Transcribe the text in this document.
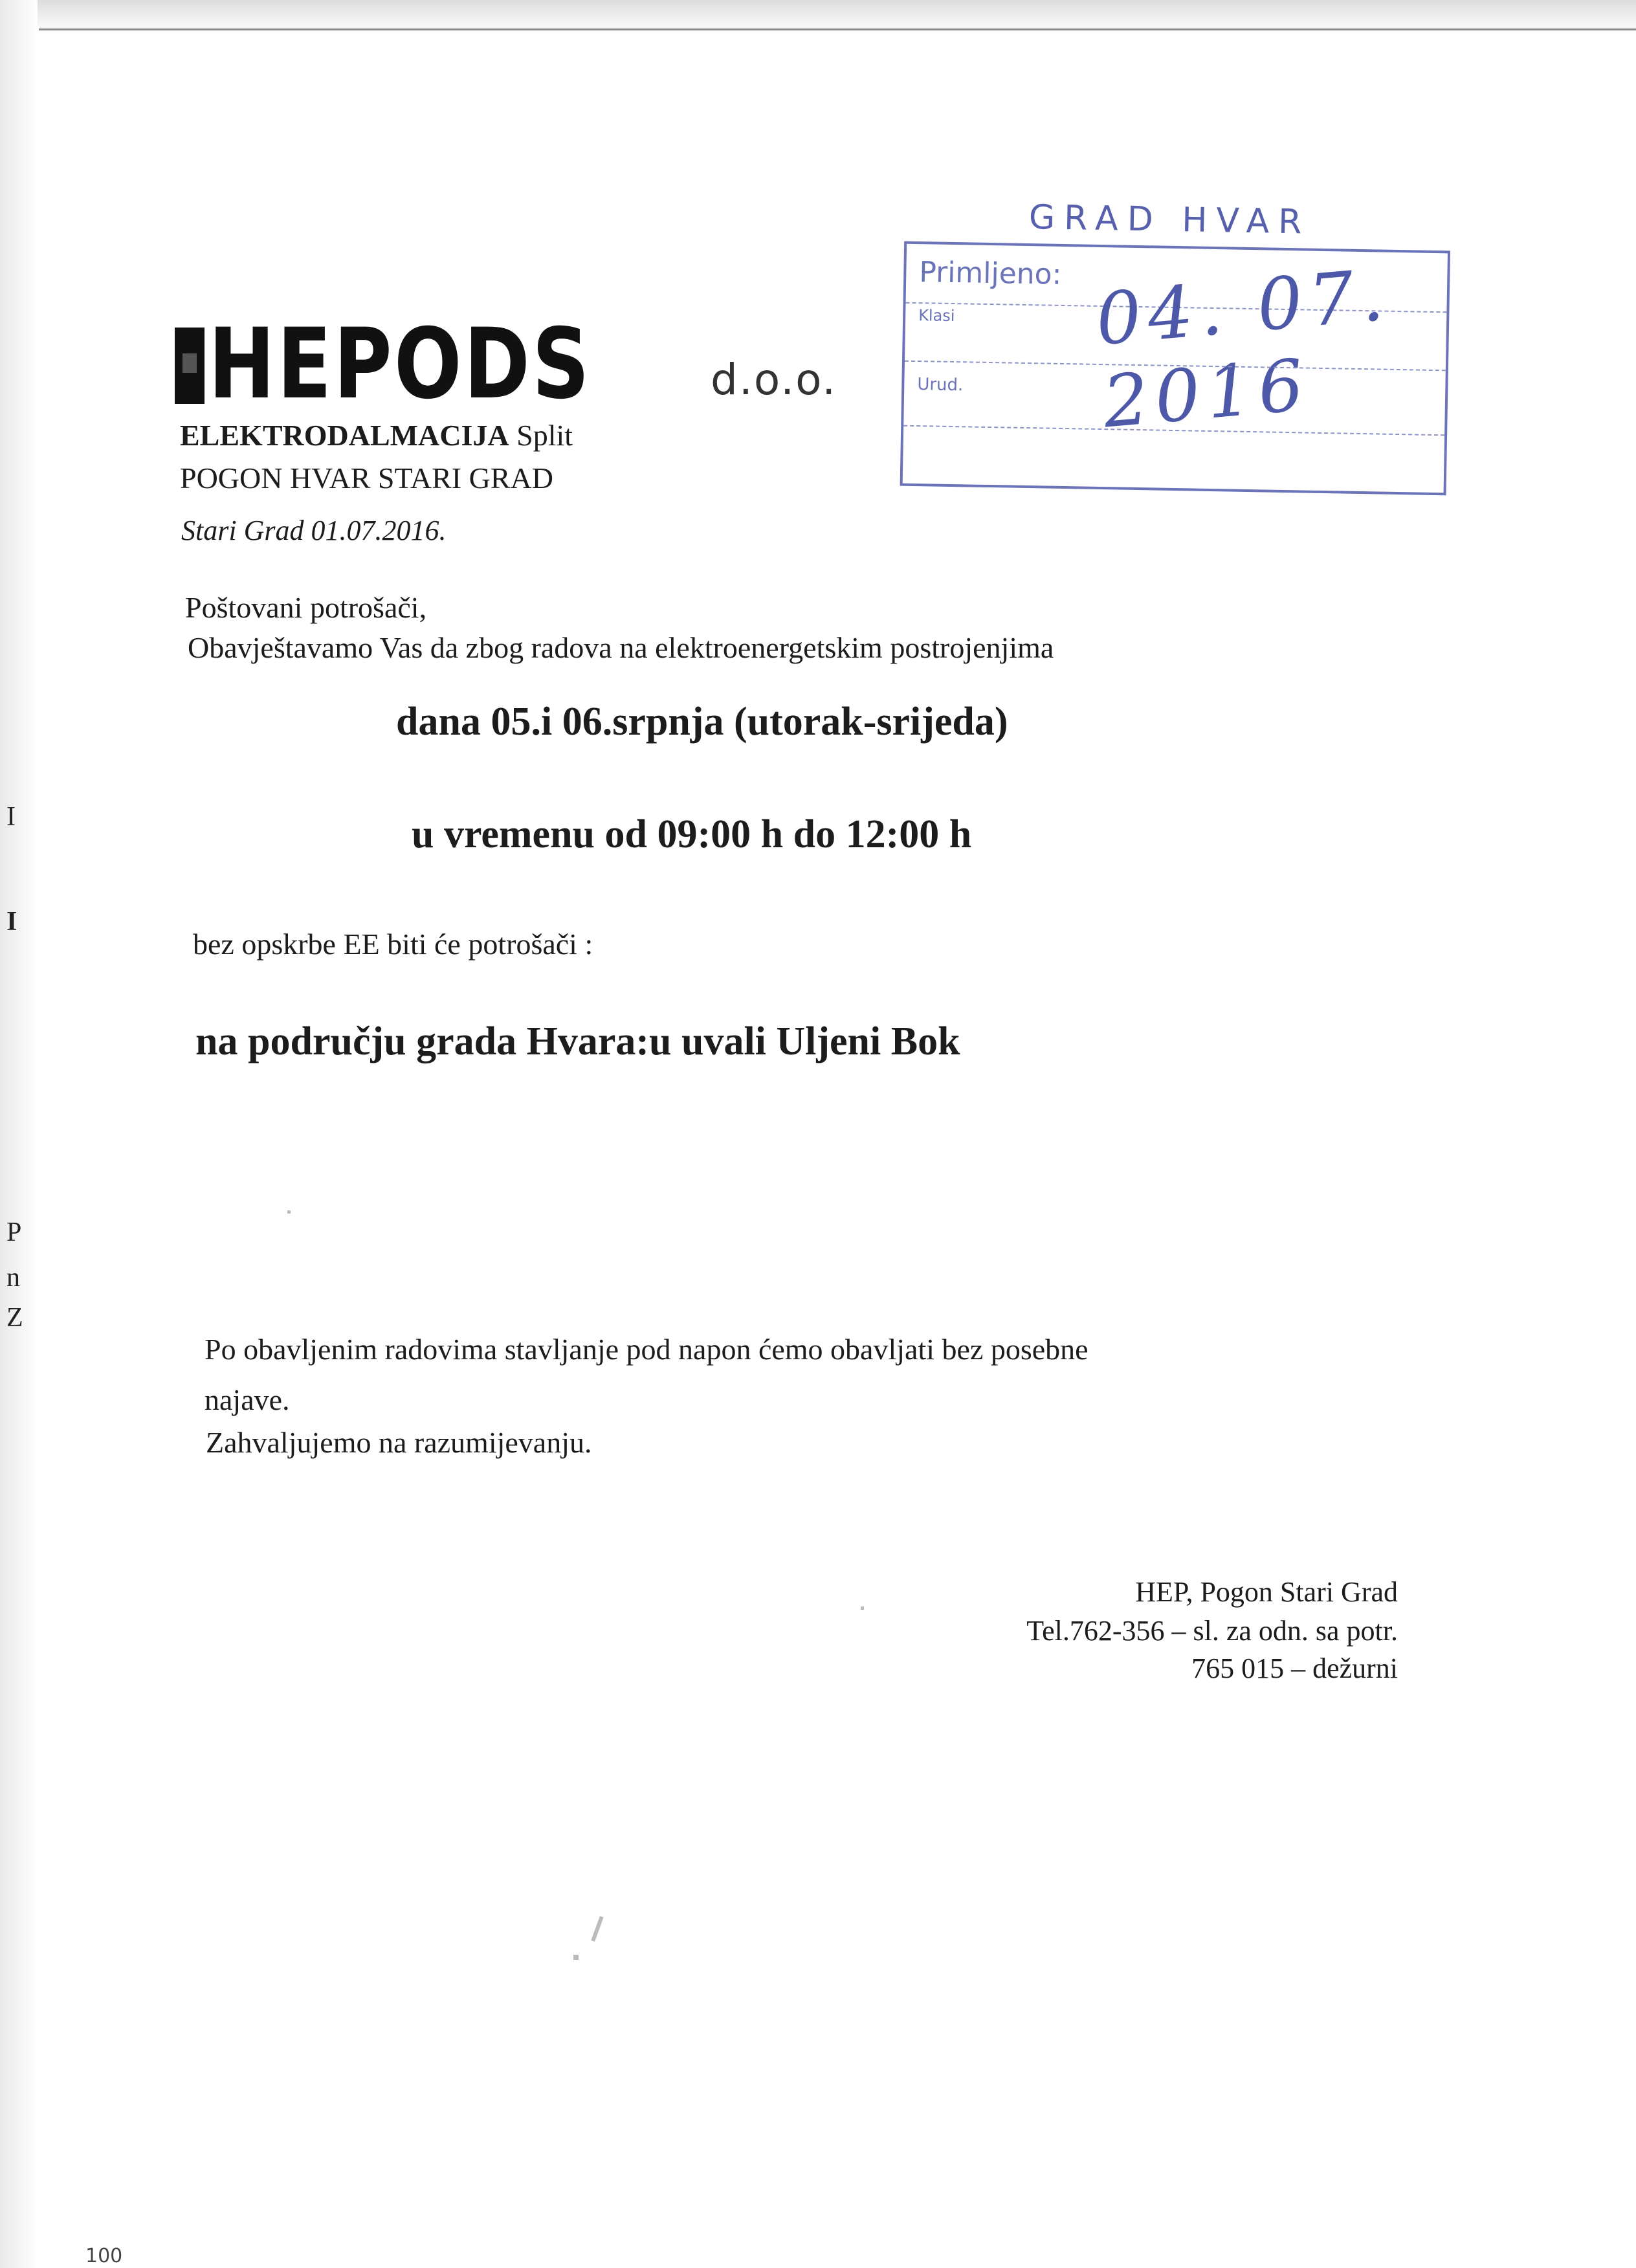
I
I
P
n
Z
HEPODS	d.o.o.
ELEKTRODALMACIJA Split
POGON HVAR STARI GRAD
Stari Grad 01.07.2016.
GRAD HVAR
Primljeno: 04. 07. 2016
Klasi
Urud.
Poštovani potrošači,
Obavještavamo Vas da zbog radova na elektroenergetskim postrojenjima
dana 05.i 06.srpnja (utorak-srijeda)
u vremenu od 09:00 h do 12:00 h
bez opskrbe EE biti će potrošači :
na području grada Hvara:u uvali Uljeni Bok
Po obavljenim radovima stavljanje pod napon ćemo obavljati bez posebne
najave.
Zahvaljujemo na razumijevanju.
HEP, Pogon Stari Grad
Tel.762-356 – sl. za odn. sa potr.
765 015 – dežurni
100
